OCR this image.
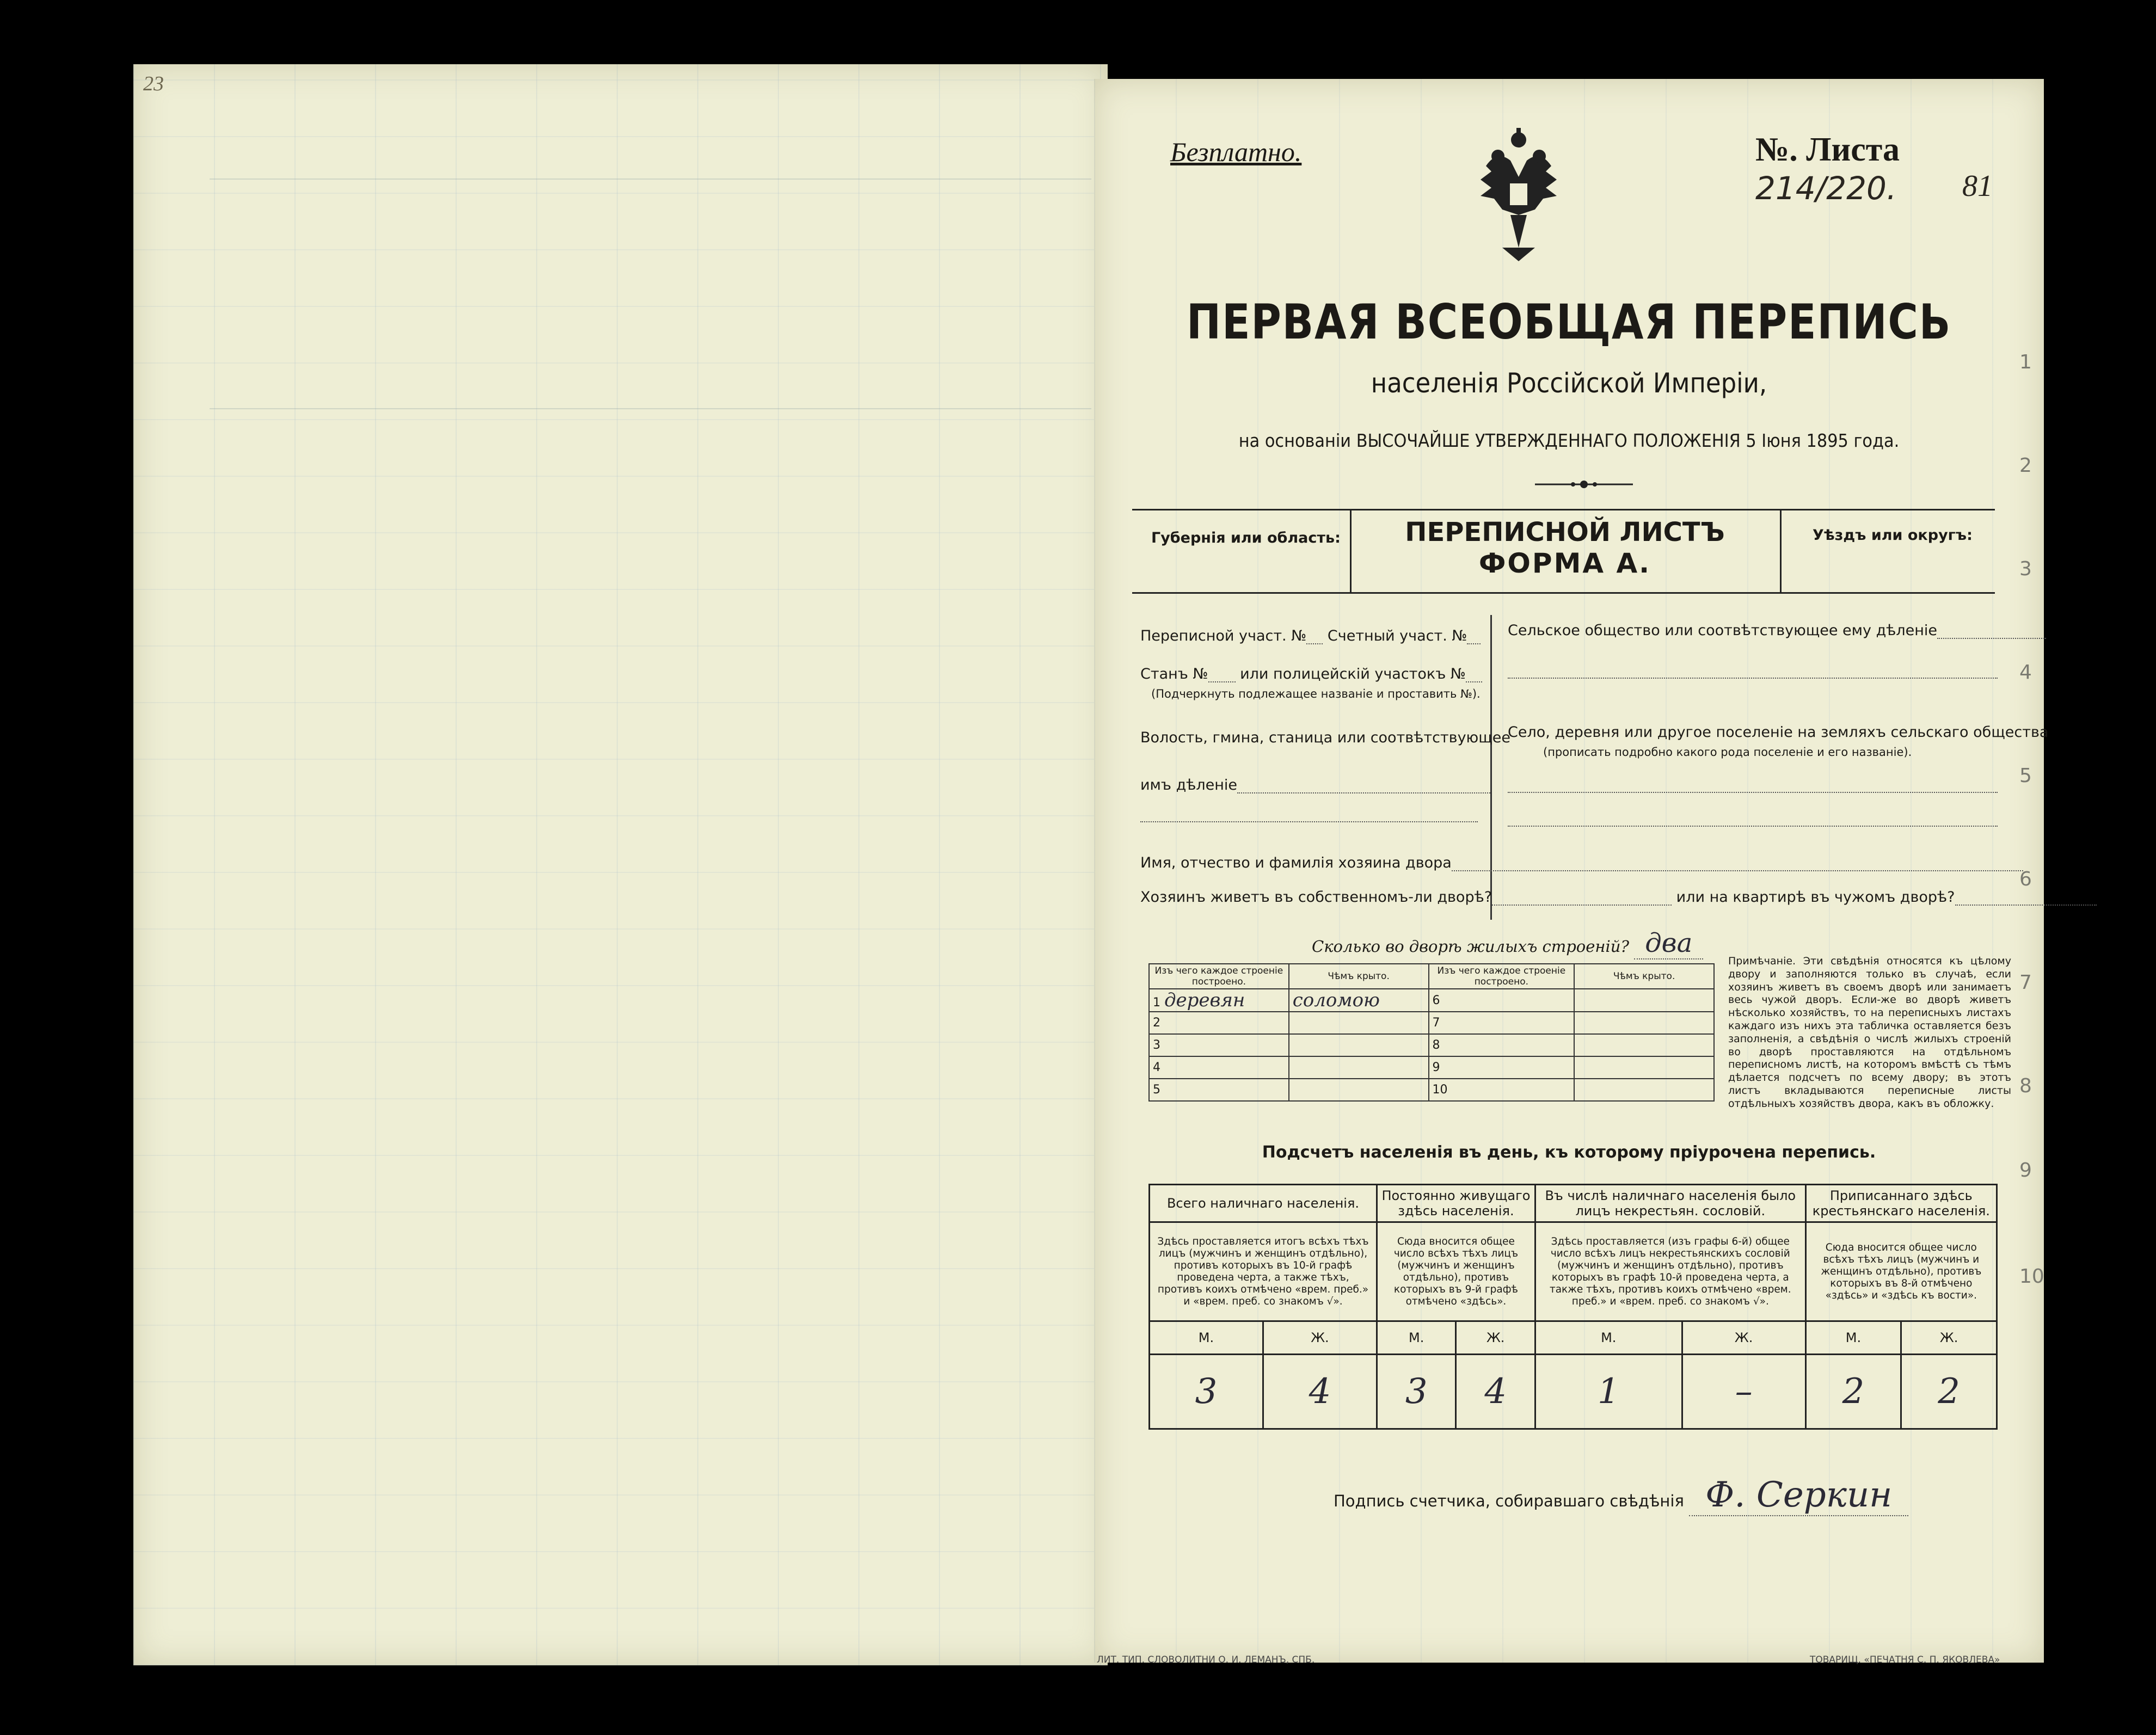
23
Безплатно.	№. Листа 214/220.	81
ПЕРВАЯ ВСЕОБЩАЯ ПЕРЕПИСЬ
населенія Россійской Имперіи,
на основаніи ВЫСОЧАЙШЕ УТВЕРЖДЕННАГО ПОЛОЖЕНІЯ 5 Іюня 1895 года.
Губернія или область:	ПЕРЕПИСНОЙ ЛИСТЪ
ФОРМА А.
Уѣздъ или округъ:
Переписной участ. № Счетный участ. №
Станъ № или полицейскій участокъ №
(Подчеркнуть подлежащее названіе и проставить №).
Волость, гмина, станица или соотвѣтствующее
имъ дѣленіе
Сельское общество или соотвѣтствующее ему дѣленіе
Село, деревня или другое поселеніе на земляхъ сельскаго общества
(прописать подробно какого рода поселеніе и его названіе).
Имя, отчество и фамилія хозяина двора
Хозяинъ живетъ въ собственномъ-ли дворѣ?	или на квартирѣ въ чужомъ дворѣ?
Сколько во дворѣ жилыхъ строеній? два
Изъ чего каждое строеніе построено.	Чѣмъ крыто.	Изъ чего каждое строеніе построено.	Чѣмъ крыто.
1 деревян	соломою	6	
2		7	
3		8	
4		9	
5		10	
Примѣчаніе. Эти свѣдѣнія относятся къ цѣлому двору и заполняются только въ случаѣ, если хозяинъ живетъ въ своемъ дворѣ или занимаетъ весь чужой дворъ. Если-же во дворѣ живетъ нѣсколько хозяйствъ, то на переписныхъ листахъ каждаго изъ нихъ эта табличка оставляется безъ заполненія, а свѣдѣнія о числѣ жилыхъ строеній во дворѣ проставляются на отдѣльномъ переписномъ листѣ, на которомъ вмѣстѣ съ тѣмъ дѣлается подсчетъ по всему двору; въ этотъ листъ вкладываются переписные листы отдѣльныхъ хозяйствъ двора, какъ въ обложку.
Подсчетъ населенія въ день, къ которому пріурочена перепись.
Всего наличнаго населенія.		Постоянно живущаго здѣсь населенія.		Въ числѣ наличнаго населенія было лицъ некрестьян. сословій.		Приписаннаго здѣсь крестьянскаго населенія.	
Здѣсь проставляется итогъ всѣхъ тѣхъ лицъ (мужчинъ и женщинъ отдѣльно), противъ которыхъ въ 10-й графѣ проведена черта, а также тѣхъ, противъ коихъ отмѣчено «врем. преб.» и «врем. преб. со знакомъ √».		Сюда вносится общее число всѣхъ тѣхъ лицъ (мужчинъ и женщинъ отдѣльно), противъ которыхъ въ 9-й графѣ отмѣчено «здѣсь».		Здѣсь проставляется (изъ графы 6-й) общее число всѣхъ лицъ некрестьянскихъ сословій (мужчинъ и женщинъ отдѣльно), противъ которыхъ въ графѣ 10-й проведена черта, а также тѣхъ, противъ коихъ отмѣчено «врем. преб.» и «врем. преб. со знакомъ √».		Сюда вносится общее число всѣхъ тѣхъ лицъ (мужчинъ и женщинъ отдѣльно), противъ которыхъ въ 8-й отмѣчено «здѣсь» и «здѣсь къ вости».	
М.	Ж.	М.	Ж.	М.	Ж.	М.	Ж.
3	4	3	4	1	–	2	2
Подпись счетчика, собиравшаго свѣдѣнія Ф. Серкин
ЛИТ. ТИП. СЛОВОЛИТНИ О. И. ЛЕМАНЪ, СПБ.	ТОВАРИЩ. «ПЕЧАТНЯ С. П. ЯКОВЛЕВА»
1
2
3
4
5
6
7
8
9
10
